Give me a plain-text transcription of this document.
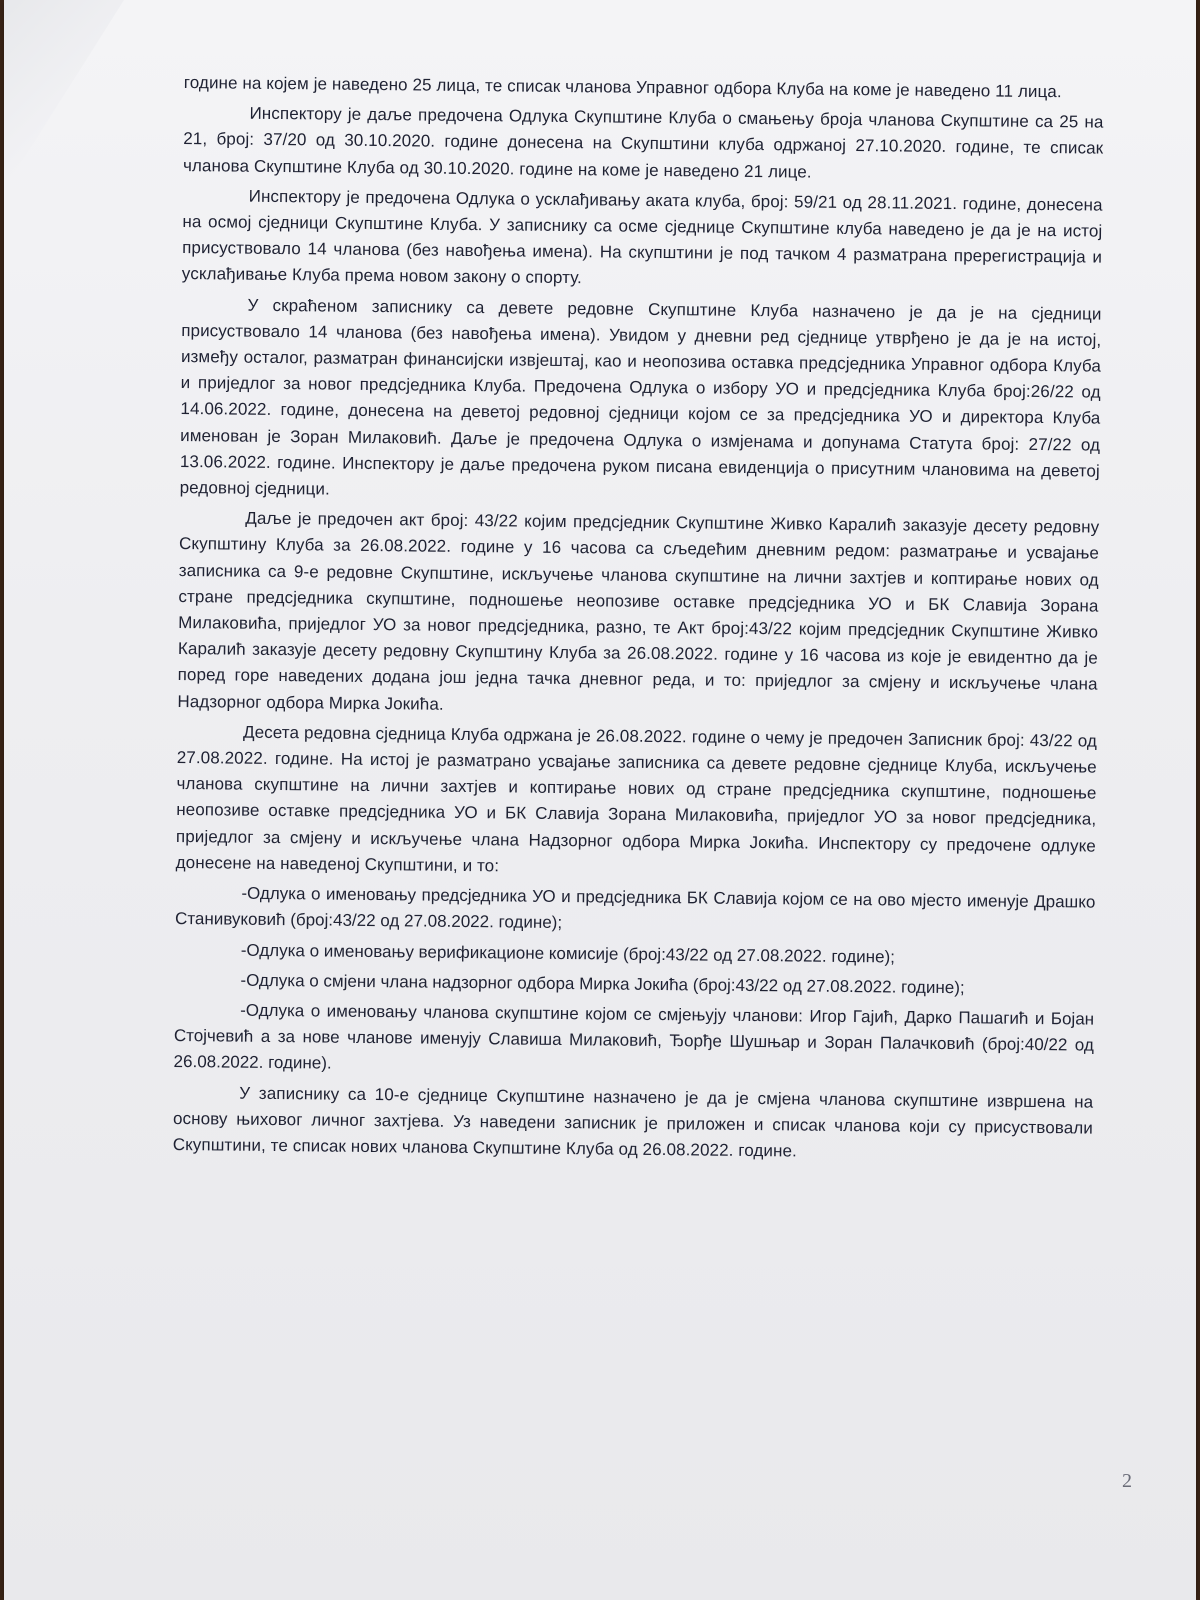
године на којем је наведено 25 лица, те списак чланова Управног одбора Клуба на коме је наведено 11 лица.

Инспектору је даље предочена Одлука Скупштине Клуба о смањењу броја чланова Скупштине са 25 на 21, број: 37/20 од 30.10.2020. године донесена на Скупштини клуба одржаној 27.10.2020. године, те списак чланова Скупштине Клуба од 30.10.2020. године на коме је наведено 21 лице.

Инспектору је предочена Одлука о усклађивању аката клуба, број: 59/21 од 28.11.2021. године, донесена на осмој сједници Скупштине Клуба. У записнику са осме сједнице Скупштине клуба наведено је да је на истој присуствовало 14 чланова (без навођења имена). На скупштини је под тачком 4 разматрана пререгистрација и усклађивање Клуба према новом закону о спорту.

У скраћеном записнику са девете редовне Скупштине Клуба назначено је да је на сједници присуствовало 14 чланова (без навођења имена). Увидом у дневни ред сједнице утврђено је да је на истој, између осталог, разматран финансијски извјештај, као и неопозива оставка предсједника Управног одбора Клуба и приједлог за новог предсједника Клуба. Предочена Одлука о избору УО и предсједника Клуба број:26/22 од 14.06.2022. године, донесена на деветој редовној сједници којом се за предсједника УО и директора Клуба именован је Зоран Милаковић. Даље је предочена Одлука о измјенама и допунама Статута број: 27/22 од 13.06.2022. године. Инспектору је даље предочена руком писана евиденција о присутним члановима на деветој редовној сједници.

Даље је предочен акт број: 43/22 којим предсједник Скупштине Живко Каралић заказује десету редовну Скупштину Клуба за 26.08.2022. године у 16 часова са сљедећим дневним редом: разматрање и усвајање записника са 9-е редовне Скупштине, искључење чланова скупштине на лични захтјев и коптирање нових од стране предсједника скупштине, подношење неопозиве оставке предсједника УО и БК Славија Зорана Милаковића, приједлог УО за новог предсједника, разно, те Акт број:43/22 којим предсједник Скупштине Живко Каралић заказује десету редовну Скупштину Клуба за 26.08.2022. године у 16 часова из које је евидентно да је поред горе наведених додана још једна тачка дневног реда, и то: приједлог за смјену и искључење члана Надзорног одбора Мирка Јокића.

Десета редовна сједница Клуба одржана је 26.08.2022. године о чему је предочен Записник број: 43/22 од 27.08.2022. године. На истој је разматрано усвајање записника са девете редовне сједнице Клуба, искључење чланова скупштине на лични захтјев и коптирање нових од стране предсједника скупштине, подношење неопозиве оставке предсједника УО и БК Славија Зорана Милаковића, приједлог УО за новог предсједника, приједлог за смјену и искључење члана Надзорног одбора Мирка Јокића. Инспектору су предочене одлуке донесене на наведеној Скупштини, и то:

-Одлука о именовању предсједника УО и предсједника БК Славија којом се на ово мјесто именује Драшко Станивуковић (број:43/22 од 27.08.2022. године);

-Одлука о именовању верификационе комисије (број:43/22 од 27.08.2022. године);

-Одлука о смјени члана надзорног одбора Мирка Јокића (број:43/22 од 27.08.2022. године);

-Одлука о именовању чланова скупштине којом се смјењују чланови: Игор Гајић, Дарко Пашагић и Бојан Стојчевић а за нове чланове именују Славиша Милаковић, Ђорђе Шушњар и Зоран Палачковић (број:40/22 од 26.08.2022. године).

У записнику са 10-е сједнице Скупштине назначено је да је смјена чланова скупштине извршена на основу њиховог личног захтјева. Уз наведени записник је приложен и списак чланова који су присуствовали Скупштини, те списак нових чланова Скупштине Клуба од 26.08.2022. године.

2
